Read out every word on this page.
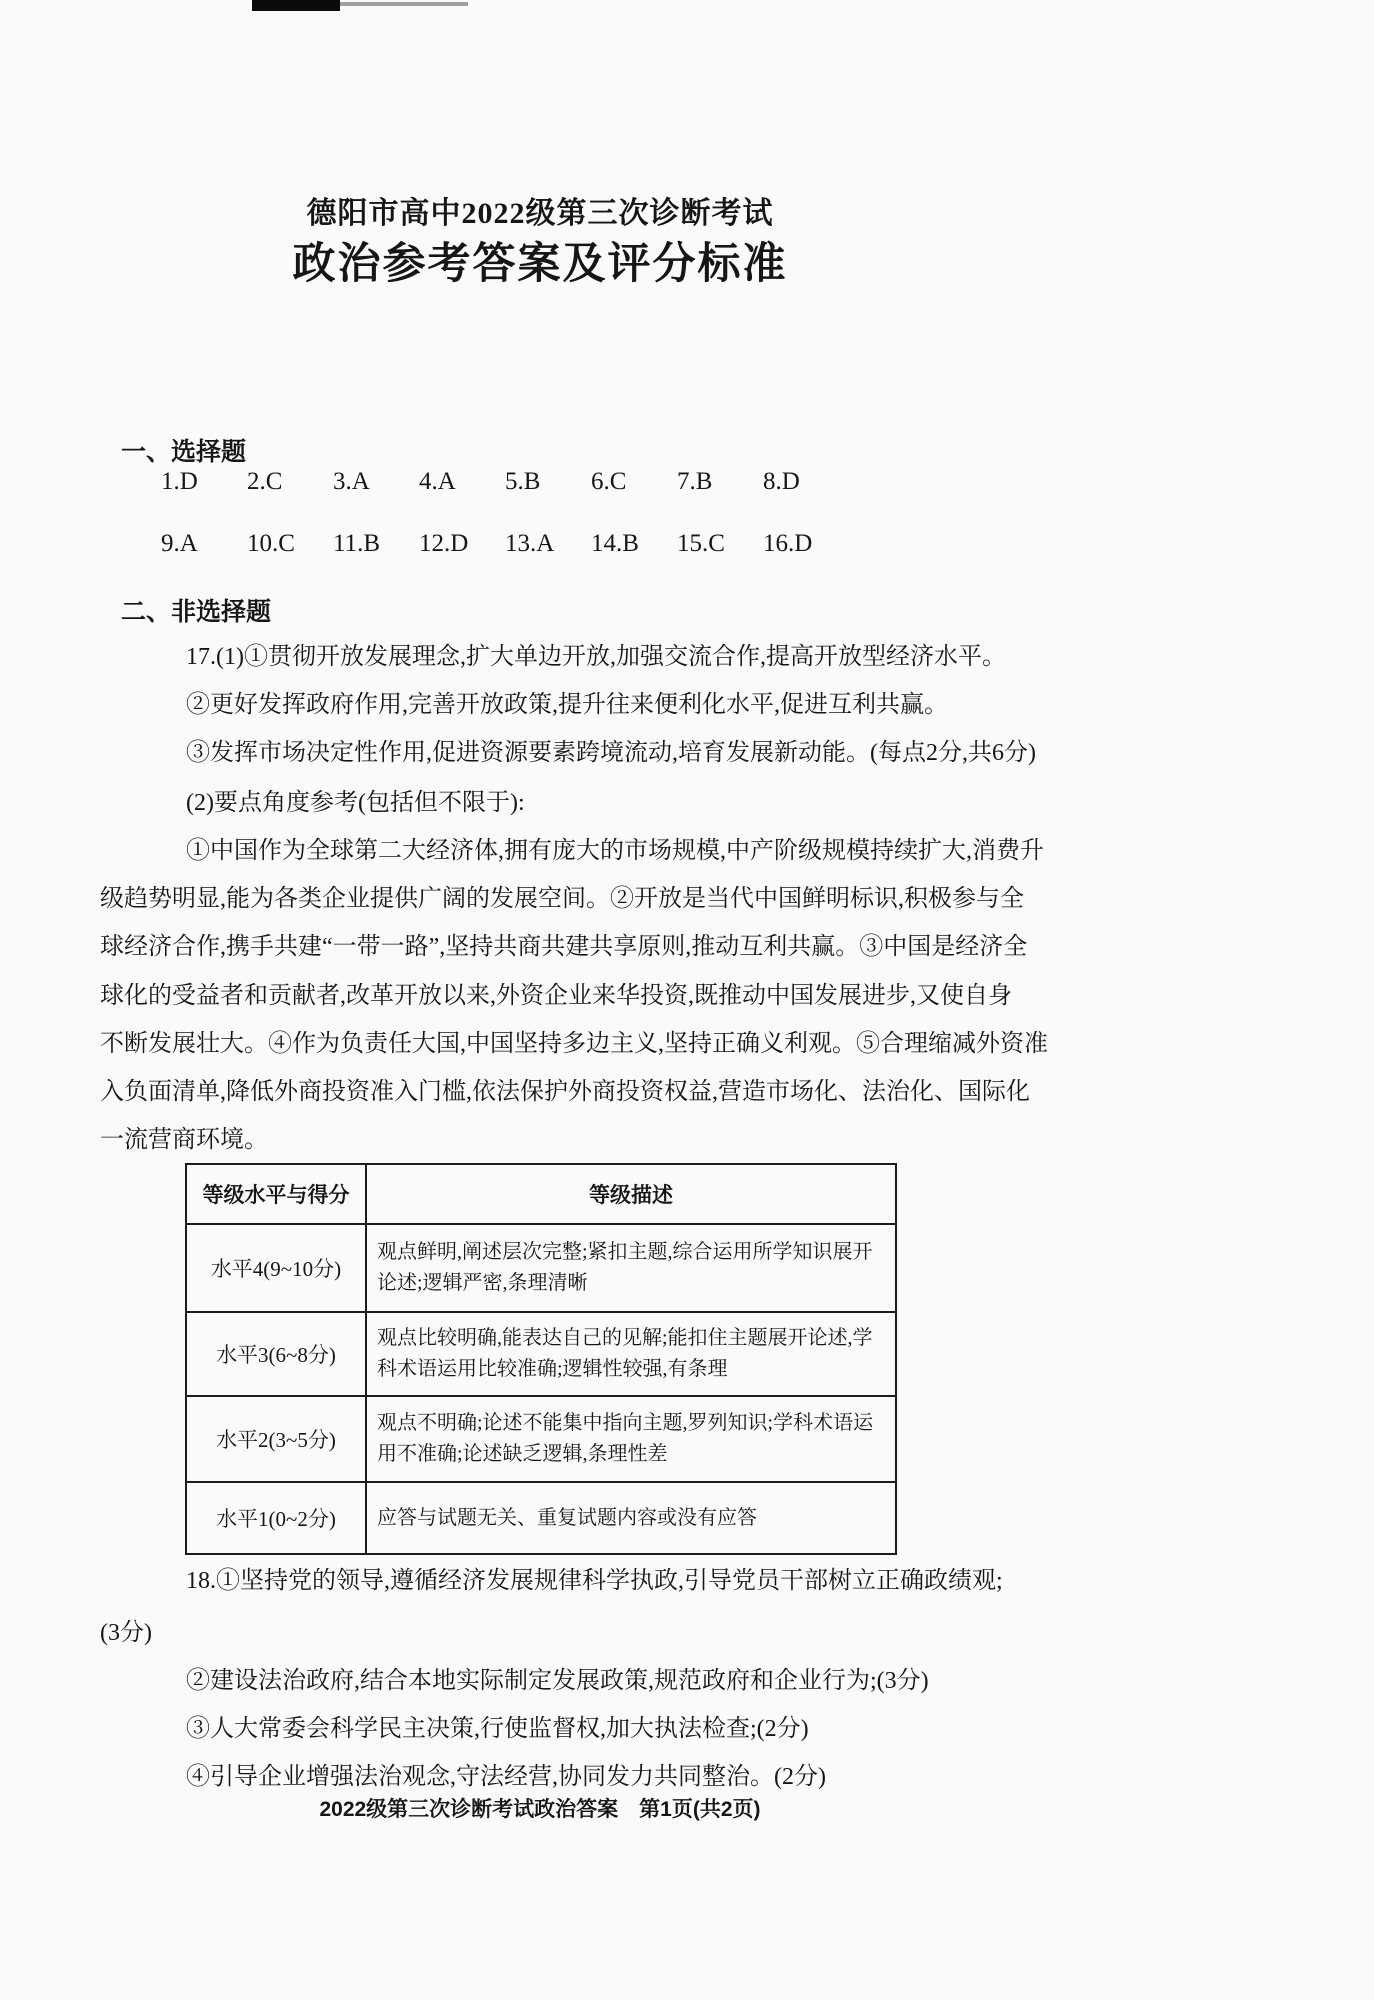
德阳市高中2022级第三次诊断考试
政治参考答案及评分标准
一、选择题
1.D	2.C	3.A	4.A	5.B	6.C	7.B	8.D
9.A	10.C	11.B	12.D	13.A	14.B	15.C	16.D
二、非选择题
17.(1)①贯彻开放发展理念,扩大单边开放,加强交流合作,提高开放型经济水平。
②更好发挥政府作用,完善开放政策,提升往来便利化水平,促进互利共赢。
③发挥市场决定性作用,促进资源要素跨境流动,培育发展新动能。(每点2分,共6分)
(2)要点角度参考(包括但不限于):
①中国作为全球第二大经济体,拥有庞大的市场规模,中产阶级规模持续扩大,消费升
级趋势明显,能为各类企业提供广阔的发展空间。②开放是当代中国鲜明标识,积极参与全
球经济合作,携手共建“一带一路”,坚持共商共建共享原则,推动互利共赢。③中国是经济全
球化的受益者和贡献者,改革开放以来,外资企业来华投资,既推动中国发展进步,又使自身
不断发展壮大。④作为负责任大国,中国坚持多边主义,坚持正确义利观。⑤合理缩减外资准
入负面清单,降低外商投资准入门槛,依法保护外商投资权益,营造市场化、法治化、国际化
一流营商环境。
等级水平与得分	等级描述
水平4(9~10分)	观点鲜明,阐述层次完整;紧扣主题,综合运用所学知识展开论述;逻辑严密,条理清晰
水平3(6~8分)	观点比较明确,能表达自己的见解;能扣住主题展开论述,学科术语运用比较准确;逻辑性较强,有条理
水平2(3~5分)	观点不明确;论述不能集中指向主题,罗列知识;学科术语运用不准确;论述缺乏逻辑,条理性差
水平1(0~2分)	应答与试题无关、重复试题内容或没有应答
18.①坚持党的领导,遵循经济发展规律科学执政,引导党员干部树立正确政绩观;
(3分)
②建设法治政府,结合本地实际制定发展政策,规范政府和企业行为;(3分)
③人大常委会科学民主决策,行使监督权,加大执法检查;(2分)
④引导企业增强法治观念,守法经营,协同发力共同整治。(2分)
2022级第三次诊断考试政治答案　第1页(共2页)
